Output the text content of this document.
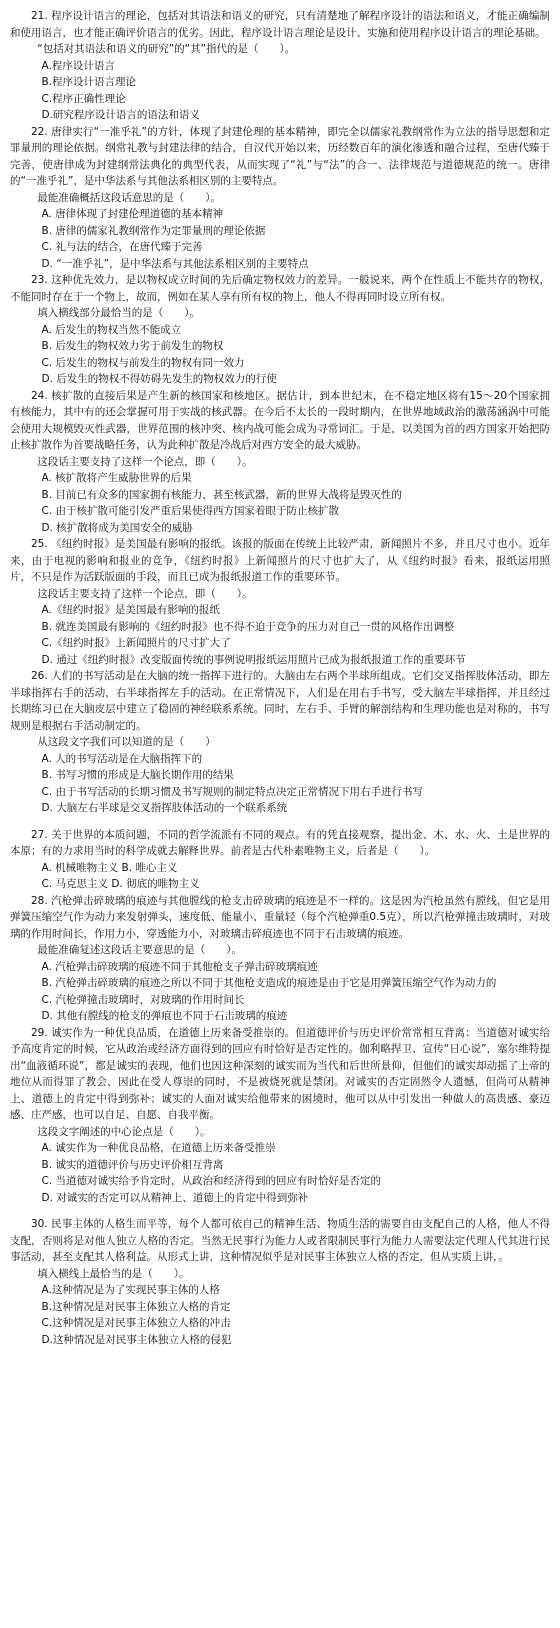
21. 程序设计语言的理论，包括对其语法和语义的研究，只有清楚地了解程序设计的语法和语义，才能正确编制和使用语言，也才能正确评价语言的优劣。因此，程序设计语言理论是设计、实施和使用程序设计语言的理论基础。

“包括对其语法和语义的研究”的“其”指代的是（　　）。

A.程序设计语言

B.程序设计语言理论

C.程序正确性理论

D.研究程序设计语言的语法和语义

22. 唐律实行“一准乎礼”的方针，体现了封建伦理的基本精神，即完全以儒家礼教纲常作为立法的指导思想和定罪量刑的理论依据。纲常礼教与封建法律的结合，自汉代开始以来，历经数百年的演化渗透和融合过程，至唐代臻于完善，使唐律成为封建纲常法典化的典型代表，从而实现了“礼”与“法”的合一、法律规范与道德规范的统一。唐律的“一准乎礼”，是中华法系与其他法系相区别的主要特点。

最能准确概括这段话意思的是（　　）。

A. 唐律体现了封建伦理道德的基本精神

B. 唐律的儒家礼教纲常作为定罪量刑的理论依据

C. 礼与法的结合，在唐代臻于完善

D. “一准乎礼”，是中华法系与其他法系相区别的主要特点

23. 这种优先效力，是以物权成立时间的先后确定物权效力的差异。一般说来，两个在性质上不能共存的物权，不能同时存在于一个物上，故而，例如在某人享有所有权的物上，他人不得再同时设立所有权。

填入横线部分最恰当的是（　　）。

A. 后发生的物权当然不能成立

B. 后发生的物权效力劣于前发生的物权

C. 后发生的物权与前发生的物权有同一效力

D. 后发生的物权不得妨碍先发生的物权效力的行使

24. 核扩散的直接后果是产生新的核国家和核地区。据估计，到本世纪末，在不稳定地区将有15～20个国家拥有核能力，其中有的还会掌握可用于实战的核武器。在今后不太长的一段时期内，在世界地域政治的激荡涵涡中可能会使用大规模毁灭性武器，世界范围的核冲突、核内战可能会成为寻常词汇。于是，以美国为首的西方国家开始把防止核扩散作为首要战略任务，认为此种扩散是冷战后对西方安全的最大威胁。

这段话主要支持了这样一个论点，即（　　）。

A. 核扩散将产生威胁世界的后果

B. 目前已有众多的国家拥有核能力，甚至核武器，新的世界大战将是毁灭性的

C. 由于核扩散可能引发严重后果使得西方国家着眼于防止核扩散

D. 核扩散将成为美国安全的威胁

25. 《纽约时报》是美国最有影响的报纸。该报的版面在传统上比较严肃，新闻照片不多，并且尺寸也小。近年来，由于电视的影响和报业的竞争，《纽约时报》上新闻照片的尺寸也扩大了，从《纽约时报》看来，报纸运用照片，不只是作为活跃版面的手段，而且已成为报纸报道工作的重要环节。

这段话主要支持了这样一个论点，即（　　）。

A.《纽约时报》是美国最有影响的报纸

B. 就连美国最有影响的《纽约时报》也不得不迫于竞争的压力对自己一贯的风格作出调整

C.《纽约时报》上新闻照片的尺寸扩大了

D. 通过《纽约时报》改变版面传统的事例说明报纸运用照片已成为报纸报道工作的重要环节

26. 人们的书写活动是在大脑的统一指挥下进行的。大脑由左右两个半球所组成。它们交叉指挥肢体活动，即左半球指挥右手的活动，右半球指挥左手的活动。在正常情况下，人们是在用右手书写，受大脑左半球指挥，并且经过长期练习已在大脑皮层中建立了稳固的神经联系系统。同时，左右手、手臂的解剖结构和生理功能也是对称的，书写规则是根据右手活动制定的。

从这段文字我们可以知道的是（　　）

A. 人的书写活动是在大脑指挥下的

B. 书写习惯的形成是大脑长期作用的结果

C. 由于书写活动的长期习惯及书写规则的制定特点决定正常情况下用右手进行书写

D. 大脑左右半球是交叉指挥肢体活动的一个联系系统

27. 关于世界的本质问题，不同的哲学流派有不同的观点。有的凭直接观察，提出金、木、水、火、土是世界的本原；有的力求用当时的科学成就去解释世界。前者是古代朴素唯物主义，后者是（　　）。

A. 机械唯物主义 B. 唯心主义

C. 马克思主义 D. 彻底的唯物主义

28. 汽枪弹击碎玻璃的痕迹与其他膛线的枪支击碎玻璃的痕迹是不一样的。这是因为汽枪虽然有膛线，但它是用弹簧压缩空气作为动力来发射弹头，速度低、能量小、重量轻（每个汽枪弹重0.5克），所以汽枪弹撞击玻璃时，对玻璃的作用时间长，作用力小，穿透能力小，对玻璃击碎痕迹也不同于石击玻璃的痕迹。

最能准确复述这段话主要意思的是（　　）。

A. 汽枪弹击碎玻璃的痕迹不同于其他枪支子弹击碎玻璃痕迹

B. 汽枪弹击碎玻璃的痕迹之所以不同于其他枪支造成的痕迹是由于它是用弹簧压缩空气作为动力的

C. 汽枪弹撞击玻璃时，对玻璃的作用时间长

D. 其他有膛线的枪支的弹痕也不同于石击玻璃的痕迹

29. 诚实作为一种优良品质，在道德上历来备受推崇的。但道德评价与历史评价常常相互背离：当道德对诚实给予高度肯定的时候，它从政治或经济方面得到的回应有时恰好是否定性的。伽利略捍卫、宣传“日心说”，塞尔维特提出“血液循环说”，都是诚实的表现，他们也因这种深刻的诚实而为当代和后世所景仰，但他们的诚实却动摇了上帝的地位从而得罪了教会，因此在受人尊崇的同时，不是被烧死就是禁闭。对诚实的否定固然令人遗憾，但尚可从精神上、道德上的肯定中得到弥补；诚实的人面对诚实给他带来的困境时，他可以从中引发出一种做人的高贵感、豪迈感、庄严感，也可以自足、自愿、自我平衡。

这段文字阐述的中心论点是（　　）。

A. 诚实作为一种优良品格，在道德上历来备受推崇

B. 诚实的道德评价与历史评价相互背离

C. 当道德对诚实给予肯定时，从政治和经济得到的回应有时恰好是否定的

D. 对诚实的否定可以从精神上、道德上的肯定中得到弥补

30. 民事主体的人格生而平等，每个人都可依自己的精神生活、物质生活的需要自由支配自己的人格，他人不得支配，否则将是对他人独立人格的否定。当然无民事行为能力人或者限制民事行为能力人需要法定代理人代其进行民事活动，甚至支配其人格利益。从形式上讲，这种情况似乎是对民事主体独立人格的否定，但从实质上讲，。

填入横线上最恰当的是（　　）。

A.这种情况是为了实现民事主体的人格

B.这种情况是对民事主体独立人格的肯定

C.这种情况是对民事主体独立人格的冲击

D.这种情况是对民事主体独立人格的侵犯
